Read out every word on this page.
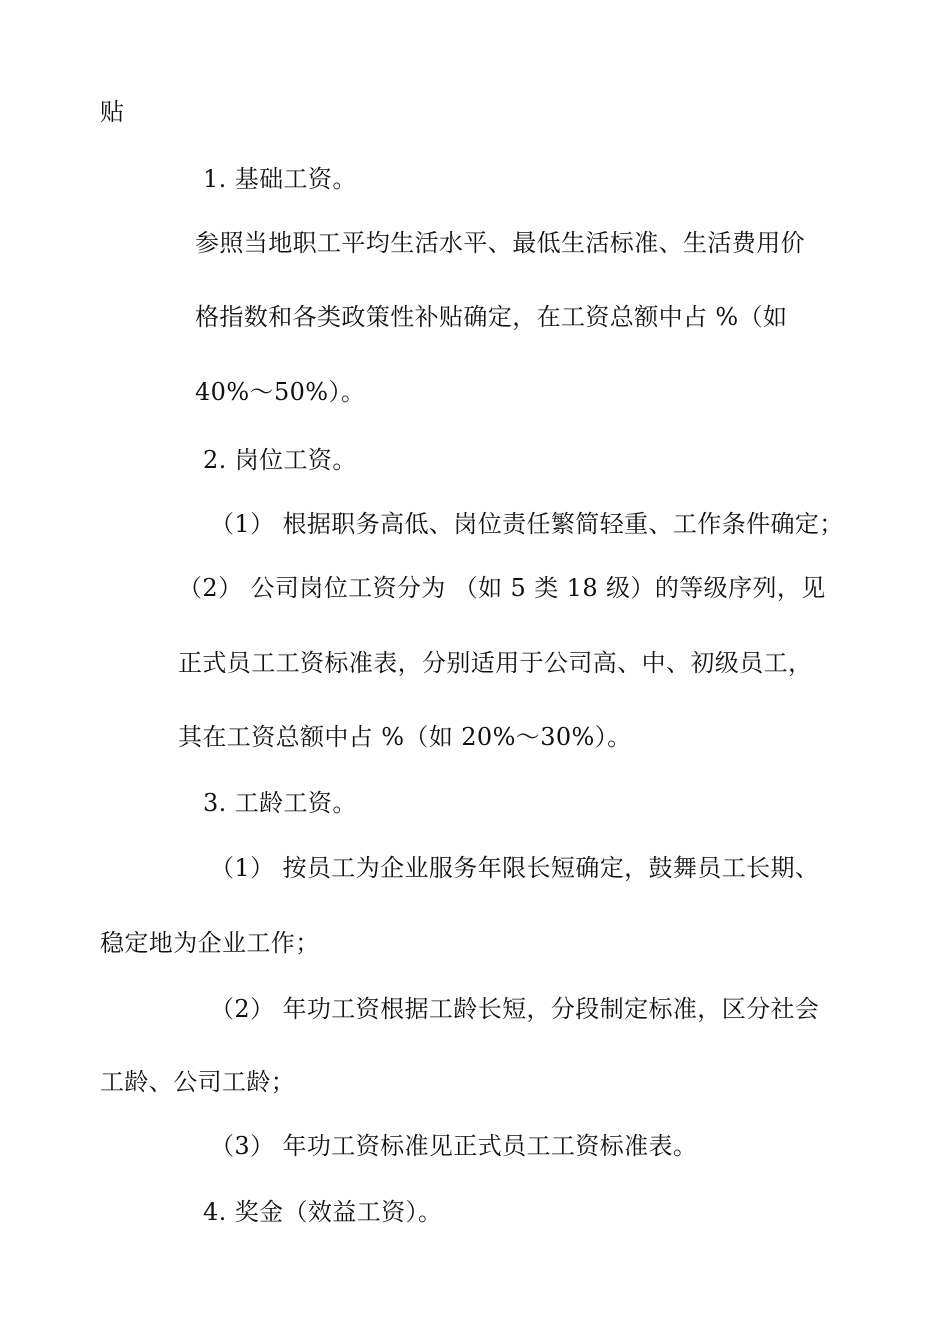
贴
1. 基础工资。
参照当地职工平均生活水平、最低生活标准、生活费用价
格指数和各类政策性补贴确定，在工资总额中占 %（如
40%～50%）。
2. 岗位工资。
（1） 根据职务高低、岗位责任繁简轻重、工作条件确定；
（2） 公司岗位工资分为 （如 5 类 18 级）的等级序列，见
正式员工工资标准表，分别适用于公司高、中、初级员工，
其在工资总额中占 %（如 20%～30%）。
3. 工龄工资。
（1） 按员工为企业服务年限长短确定，鼓舞员工长期、
稳定地为企业工作；
（2） 年功工资根据工龄长短，分段制定标准，区分社会
工龄、公司工龄；
（3） 年功工资标准见正式员工工资标准表。
4. 奖金（效益工资）。
